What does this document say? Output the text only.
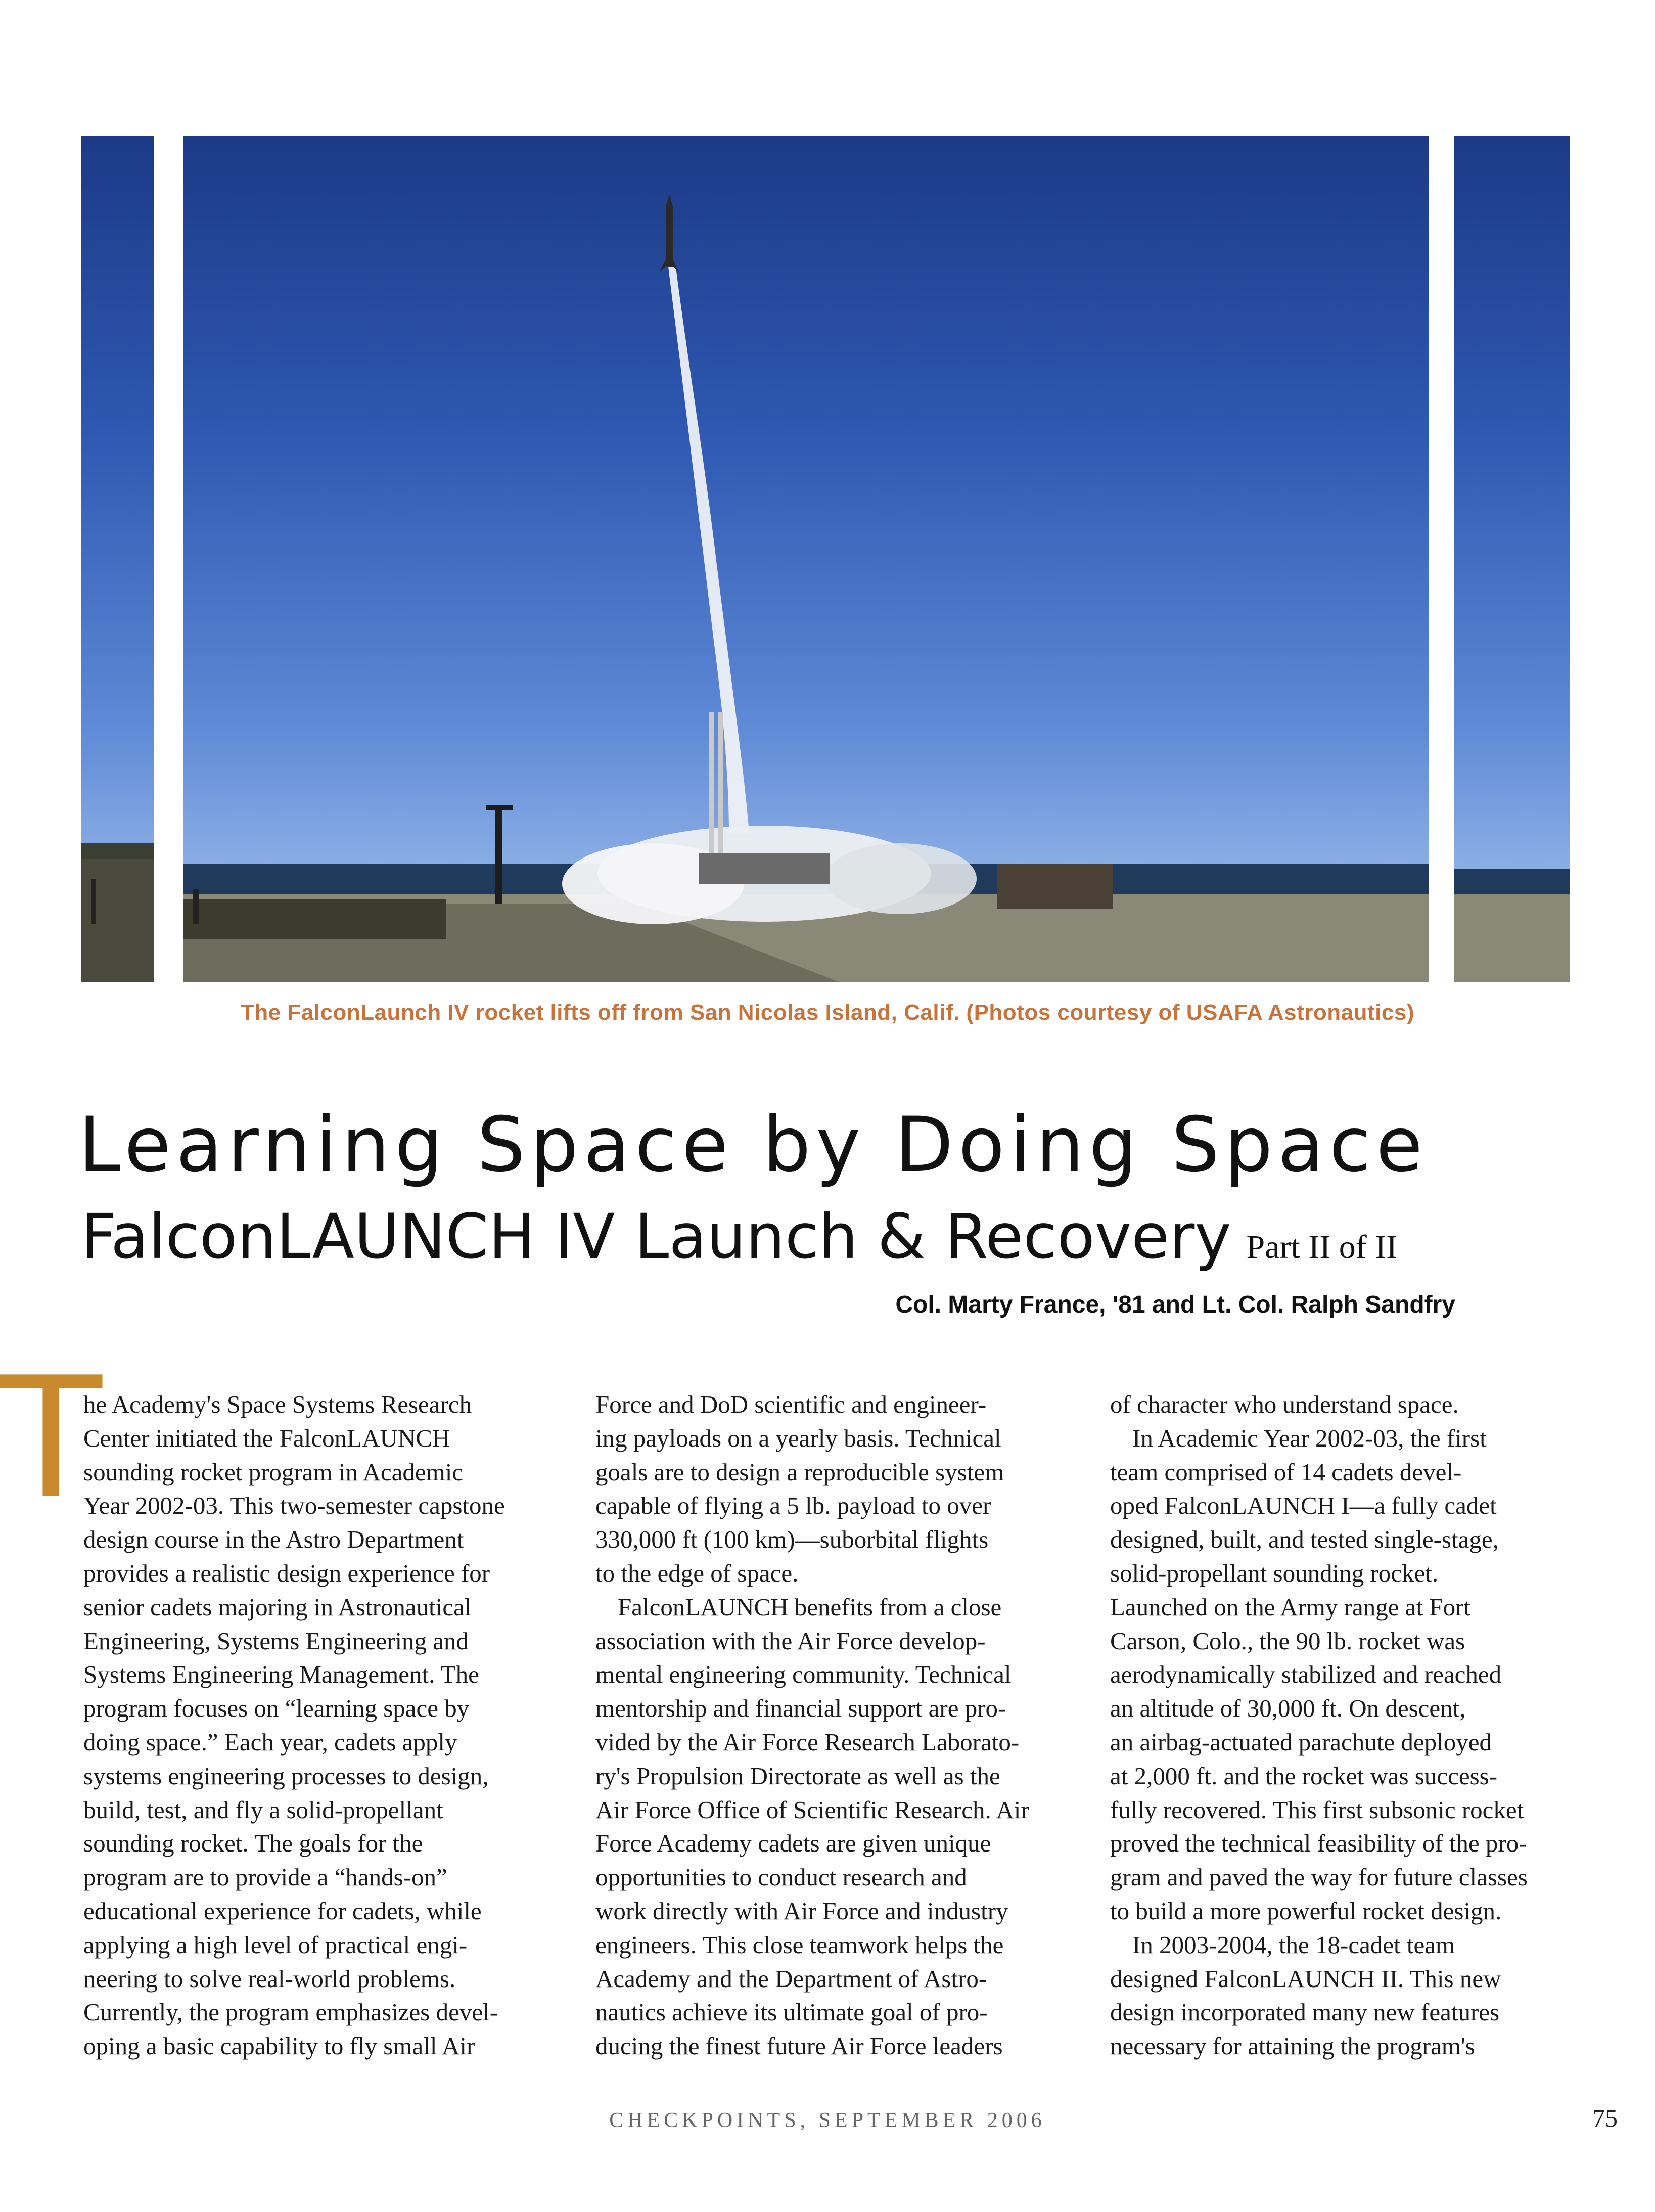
The FalconLaunch IV rocket lifts off from San Nicolas Island, Calif. (Photos courtesy of USAFA Astronautics)
Learning Space by Doing Space
FalconLAUNCH IV Launch & Recovery Part II of II
Col. Marty France, '81 and Lt. Col. Ralph Sandfry
T

he Academy's Space Systems Research

Center initiated the FalconLAUNCH

sounding rocket program in Academic

Year 2002-03. This two-semester capstone

design course in the Astro Department

provides a realistic design experience for

senior cadets majoring in Astronautical

Engineering, Systems Engineering and

Systems Engineering Management. The

program focuses on “learning space by

doing space.” Each year, cadets apply

systems engineering processes to design,

build, test, and fly a solid-propellant

sounding rocket. The goals for the

program are to provide a “hands-on”

educational experience for cadets, while

applying a high level of practical engi-

neering to solve real-world problems.

Currently, the program emphasizes devel-

oping a basic capability to fly small Air

Force and DoD scientific and engineer-

ing payloads on a yearly basis. Technical

goals are to design a reproducible system

capable of flying a 5 lb. payload to over

330,000 ft (100 km)—suborbital flights

to the edge of space.

FalconLAUNCH benefits from a close

association with the Air Force develop-

mental engineering community. Technical

mentorship and financial support are pro-

vided by the Air Force Research Laborato-

ry's Propulsion Directorate as well as the

Air Force Office of Scientific Research. Air

Force Academy cadets are given unique

opportunities to conduct research and

work directly with Air Force and industry

engineers. This close teamwork helps the

Academy and the Department of Astro-

nautics achieve its ultimate goal of pro-

ducing the finest future Air Force leaders

of character who understand space.

In Academic Year 2002-03, the first

team comprised of 14 cadets devel-

oped FalconLAUNCH I—a fully cadet

designed, built, and tested single-stage,

solid-propellant sounding rocket.

Launched on the Army range at Fort

Carson, Colo., the 90 lb. rocket was

aerodynamically stabilized and reached

an altitude of 30,000 ft. On descent,

an airbag-actuated parachute deployed

at 2,000 ft. and the rocket was success-

fully recovered. This first subsonic rocket

proved the technical feasibility of the pro-

gram and paved the way for future classes

to build a more powerful rocket design.

In 2003-2004, the 18-cadet team

designed FalconLAUNCH II. This new

design incorporated many new features

necessary for attaining the program's

CHECKPOINTS, SEPTEMBER 2006	75
